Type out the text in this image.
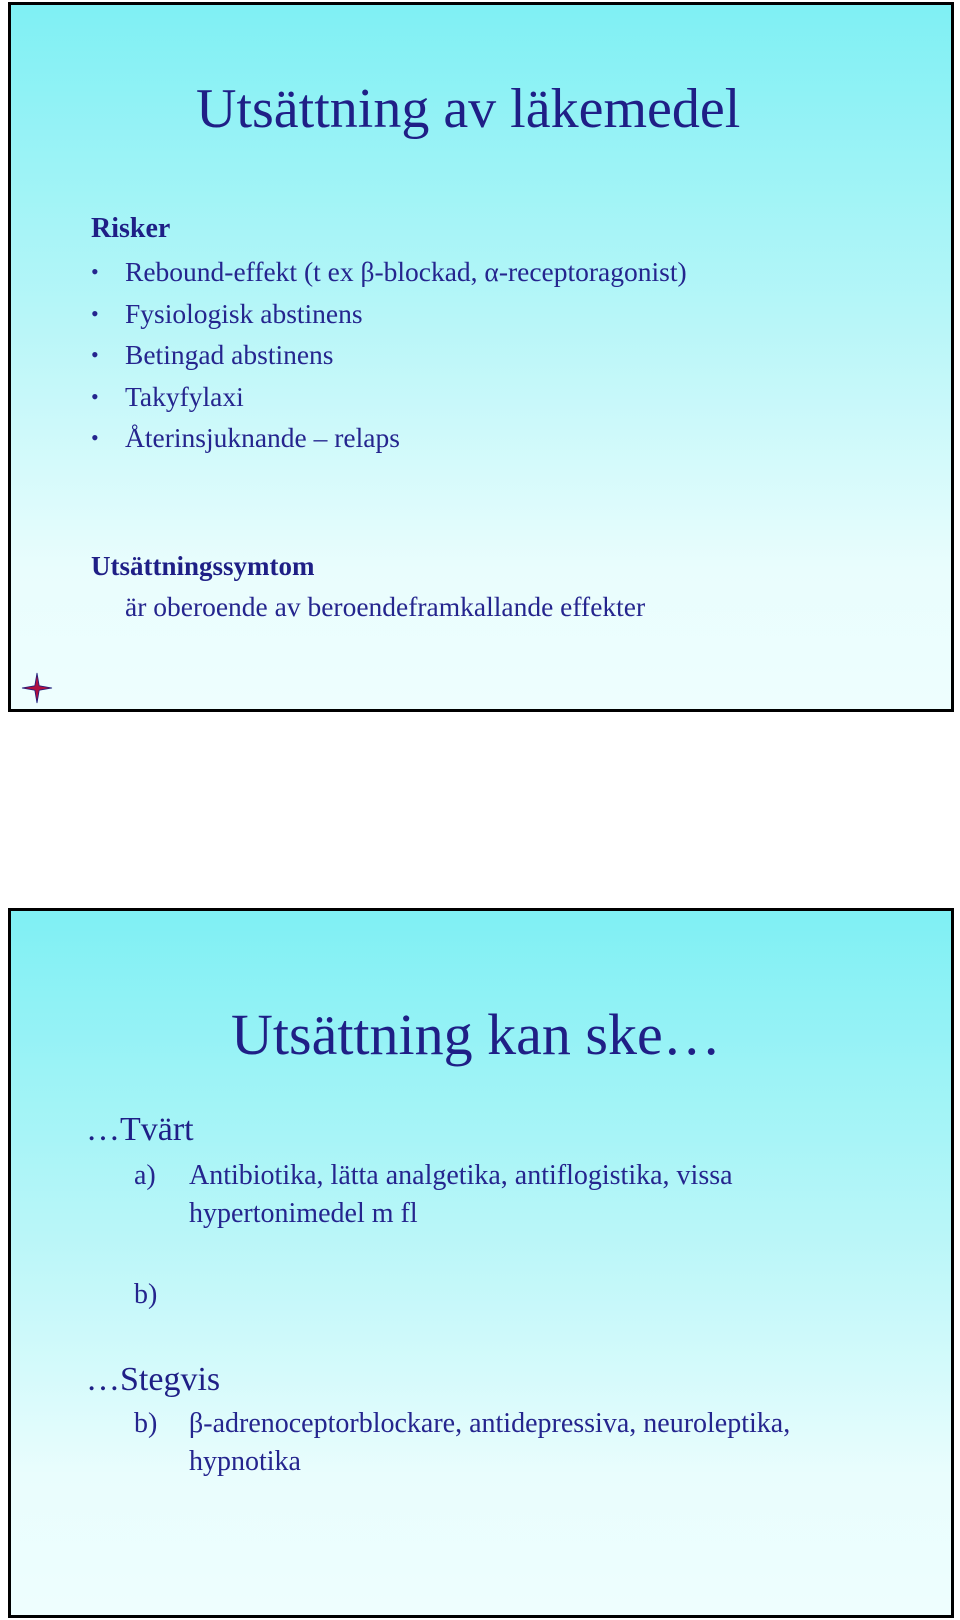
Utsättning av läkemedel
Risker
• Rebound-effekt (t ex β-blockad, α-receptoragonist)
• Fysiologisk abstinens
• Betingad abstinens
• Takyfylaxi
• Återinsjuknande – relaps
Utsättningssymtom
är oberoende av beroendeframkallande effekter
Utsättning kan ske…
…Tvärt
a) Antibiotika, lätta analgetika, antiflogistika, vissa
hypertonimedel m fl
b)
…Stegvis
b) β-adrenoceptorblockare, antidepressiva, neuroleptika,
hypnotika
